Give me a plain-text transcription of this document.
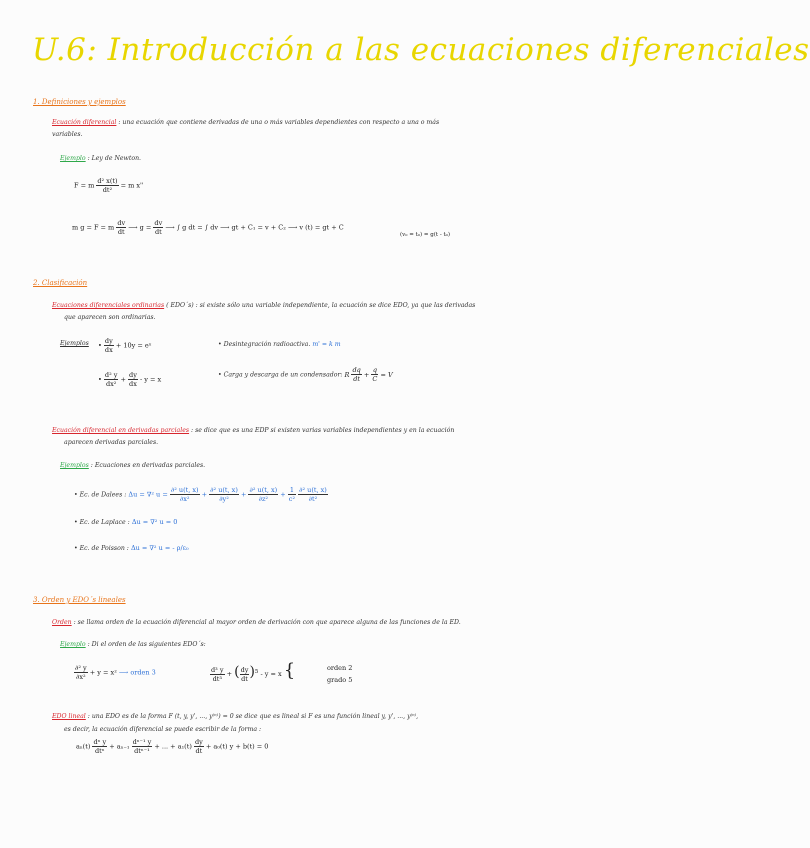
U.6: Introducción a las ecuaciones diferenciales
1. Definiciones y ejemplos
Ecuación diferencial : una ecuación que contiene derivadas de una o más variables dependientes con respecto a una o más
variables.
Ejemplo : Ley de Newton.
F = m $\frac{\text{d² x(t)}}{\text{dt²}} = m$ x''
m g = F = m $\frac{dv}{dt}$ ⟶ $g = \frac{dv}{dt}$ ⟶ ∫ g dt = ∫ dv ⟶ gt + C₁ = v + C₂ ⟶ v (t) = gt + C
(v₀ = t₀) = g(t - t₀)
2. Clasificación
Ecuaciones diferenciales ordinarias ( EDO´s) : si existe sólo una variable independiente, la ecuación se dice EDO, ya que las derivadas
que aparecen son ordinarias.
Ejemplos • $\frac{dy}{dx} + 10y$ = eˣ
• $\frac{\text{d² y}}{\text{dx²}} + \frac{dy}{dx} - y = x$
• Desintegración radioactiva. m' = k m
• Carga y descarga de un condensador: R $\frac{dq}{dt} + \frac{q}{C} = V$
Ecuación diferencial en derivadas parciales : se dice que es una EDP si existen varias variables independientes y en la ecuación
aparecen derivadas parciales.
Ejemplos : Ecuaciones en derivadas parciales.
• Ec. de Dalees : Δu = ∇² $u = \frac{\text{∂² u(t, x)}}{\text{∂x²}} + \frac{\text{∂² u(t, x)}}{\text{∂y²}} + \frac{\text{∂² u(t, x)}}{\text{∂z²}} + \frac{1}{\text{c²}}$
$\frac{\text{∂² u(t, x)}}{\text{∂t²}}$
• Ec. de Laplace : Δu = ∇² u = 0
• Ec. de Poisson : Δu = ∇² u = - ρ/ε₀
3. Orden y EDO´s lineales
Orden : se llama orden de la ecuación diferencial al mayor orden de derivación con que aparece alguna de las funciones de la ED.
Ejemplo : Di el orden de las siguientes EDO´s:
$\frac{\text{∂² y}}{\text{∂x²}} + y = x^2$ ⟶ orden 3	$\frac{\text{d³ y}}{\text{dt³}}$ + ( $\frac{dy}{dt} )^5 - y = x$ {	orden 2
grado 5
EDO lineal : una EDO es de la forma F (t, y, y', ..., y⁽ⁿ⁾) = 0 se dice que es lineal si F es una función lineal y, y', ..., y⁽ⁿ⁾,
es decir, la ecuación diferencial se puede escribir de la forma :
$a_n(t) \frac{\text{dⁿ y}}{\text{dtⁿ}} + a_{n-1} \frac{\text{dⁿ⁻¹ y}}{\text{dtⁿ⁻¹}}$ + ... + $a_1(t) \frac{dy}{dt} + a_0(t) y + b(t) = 0$
